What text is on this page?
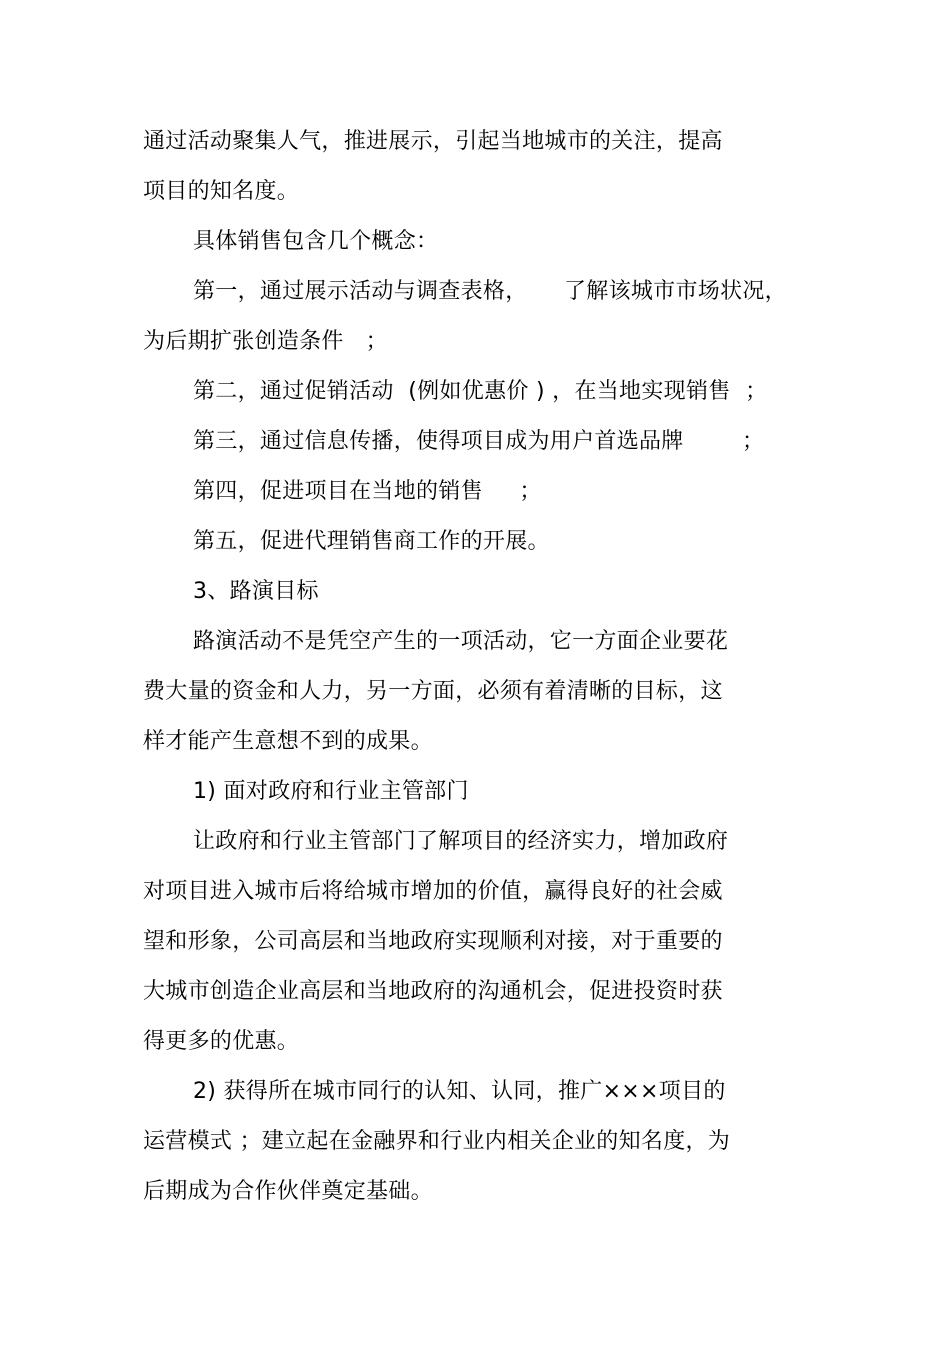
通过活动聚集人气，推进展示，引起当地城市的关注，提高
项目的知名度。
具体销售包含几个概念：
第一，通过展示活动与调查表格，     了解该城市市场状况，
为后期扩张创造条件   ；
第二，通过促销活动  (例如优惠价 ) ，在当地实现销售  ；
第三，通过信息传播，使得项目成为用户首选品牌        ；
第四，促进项目在当地的销售     ；
第五，促进代理销售商工作的开展。
3、路演目标
路演活动不是凭空产生的一项活动，它一方面企业要花
费大量的资金和人力，另一方面，必须有着清晰的目标，这
样才能产生意想不到的成果。
1) 面对政府和行业主管部门
让政府和行业主管部门了解项目的经济实力，增加政府
对项目进入城市后将给城市增加的价值，赢得良好的社会威
望和形象，公司高层和当地政府实现顺利对接，对于重要的
大城市创造企业高层和当地政府的沟通机会，促进投资时获
得更多的优惠。
2) 获得所在城市同行的认知、认同，推广×××项目的
运营模式 ；建立起在金融界和行业内相关企业的知名度，为
后期成为合作伙伴奠定基础。
